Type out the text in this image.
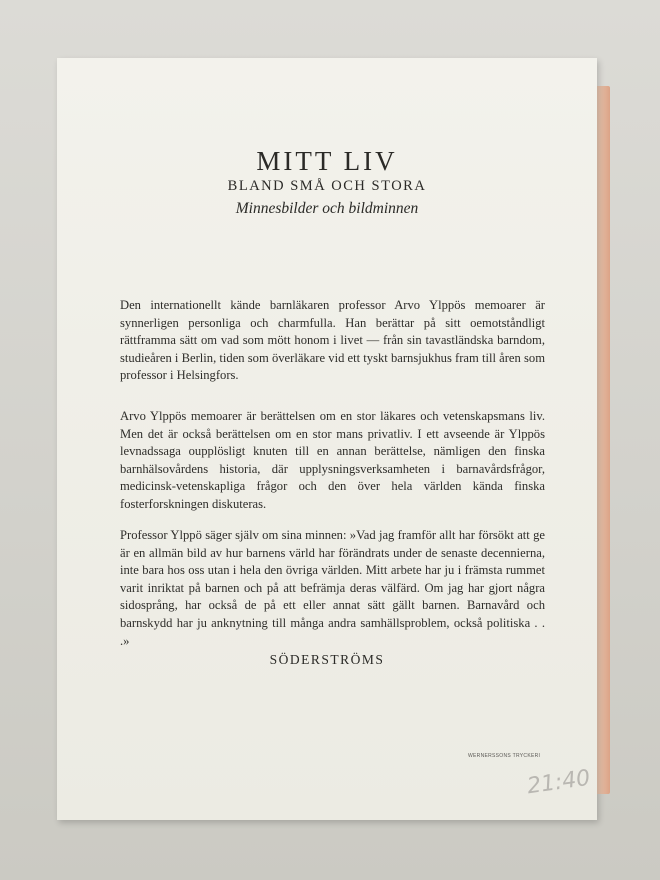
MITT LIV
BLAND SMÅ OCH STORA
Minnesbilder och bildminnen

Den internationellt kände barnläkaren professor Arvo Ylppös memoarer är synnerligen personliga och charmfulla. Han berättar på sitt oemotståndligt rättframma sätt om vad som mött honom i livet — från sin tavastländska barndom, studieåren i Berlin, tiden som överläkare vid ett tyskt barnsjukhus fram till åren som professor i Helsingfors.

Arvo Ylppös memoarer är berättelsen om en stor läkares och vetenskapsmans liv. Men det är också berättelsen om en stor mans privatliv. I ett avseende är Ylppös levnadssaga oupplösligt knuten till en annan berättelse, nämligen den finska barnhälsovårdens historia, där upplysningsverksamheten i barnavårdsfrågor, medicinsk-vetenskapliga frågor och den över hela världen kända finska fosterforskningen diskuteras.

Professor Ylppö säger själv om sina minnen: »Vad jag framför allt har försökt att ge är en allmän bild av hur barnens värld har förändrats under de senaste decennierna, inte bara hos oss utan i hela den övriga världen. Mitt arbete har ju i främsta rummet varit inriktat på barnen och på att befrämja deras välfärd. Om jag har gjort några sidosprång, har också de på ett eller annat sätt gällt barnen. Barnavård och barnskydd har ju anknytning till många andra samhällsproblem, också politiska . . .»

SÖDERSTRÖMS
WERNERSSONS TRYCKERI
21:40
